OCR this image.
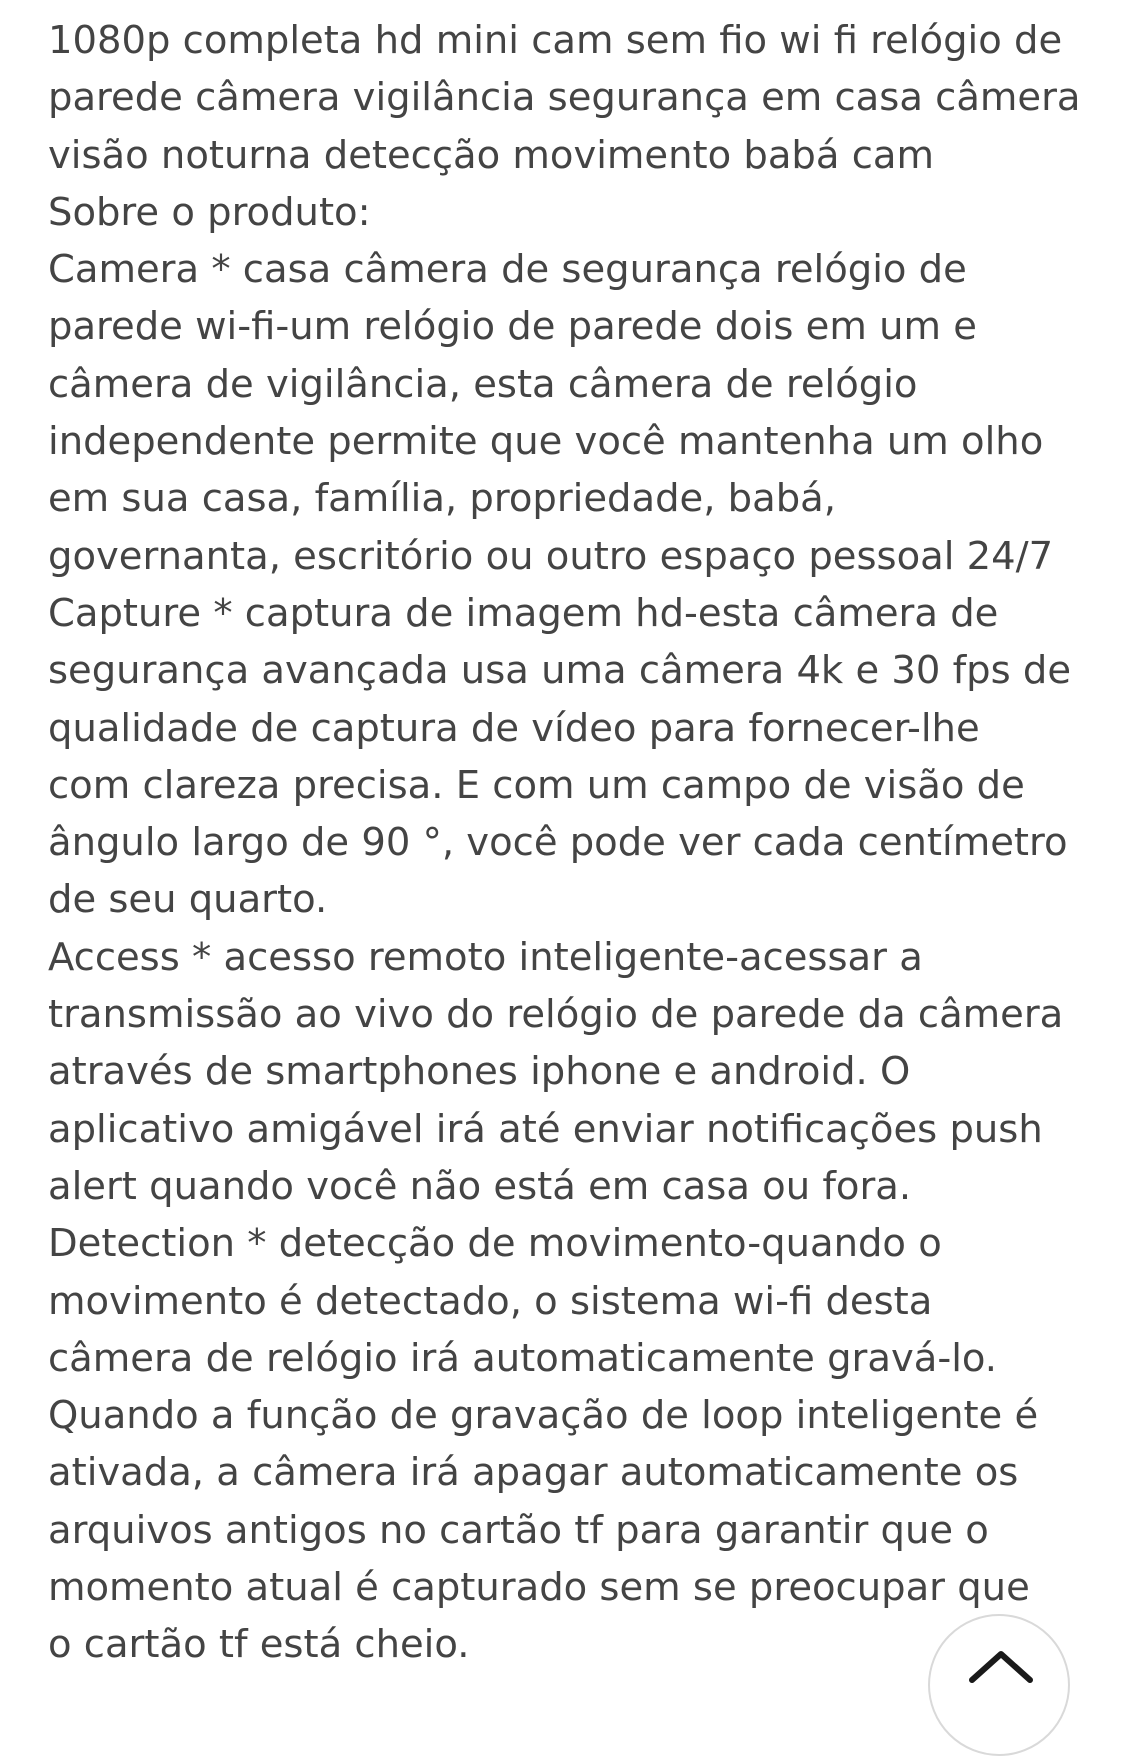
1080p completa hd mini cam sem fio wi fi relógio de
parede câmera vigilância segurança em casa câmera
visão noturna detecção movimento babá cam
Sobre o produto:
Camera * casa câmera de segurança relógio de
parede wi-fi-um relógio de parede dois em um e
câmera de vigilância, esta câmera de relógio
independente permite que você mantenha um olho
em sua casa, família, propriedade, babá,
governanta, escritório ou outro espaço pessoal 24/7
Capture * captura de imagem hd-esta câmera de
segurança avançada usa uma câmera 4k e 30 fps de
qualidade de captura de vídeo para fornecer-lhe
com clareza precisa. E com um campo de visão de
ângulo largo de 90 °, você pode ver cada centímetro
de seu quarto.
Access * acesso remoto inteligente-acessar a
transmissão ao vivo do relógio de parede da câmera
através de smartphones iphone e android. O
aplicativo amigável irá até enviar notificações push
alert quando você não está em casa ou fora.
Detection * detecção de movimento-quando o
movimento é detectado, o sistema wi-fi desta
câmera de relógio irá automaticamente gravá-lo.
Quando a função de gravação de loop inteligente é
ativada, a câmera irá apagar automaticamente os
arquivos antigos no cartão tf para garantir que o
momento atual é capturado sem se preocupar que
o cartão tf está cheio.
